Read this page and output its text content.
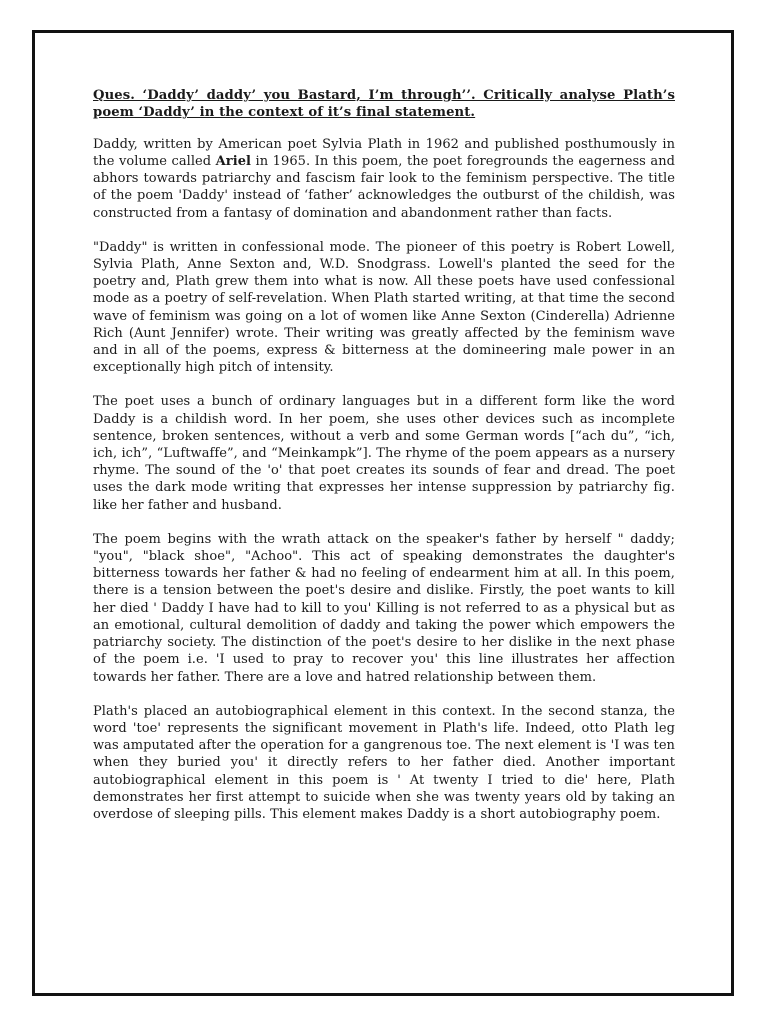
Ques. ‘Daddy’ daddy’ you Bastard, I’m through’’. Critically analyse Plath’s poem ‘Daddy’ in the context of it’s final statement.

Daddy, written by American poet Sylvia Plath in 1962 and published posthumously in the volume called Ariel in 1965. In this poem, the poet foregrounds the eagerness and abhors towards patriarchy and fascism fair look to the feminism perspective. The title of the poem 'Daddy' instead of ‘father’ acknowledges the outburst of the childish, was constructed from a fantasy of domination and abandonment rather than facts.

"Daddy" is written in confessional mode. The pioneer of this poetry is Robert Lowell, Sylvia Plath, Anne Sexton and, W.D. Snodgrass. Lowell's planted the seed for the poetry and, Plath grew them into what is now. All these poets have used confessional mode as a poetry of self-revelation. When Plath started writing, at that time the second wave of feminism was going on a lot of women like Anne Sexton (Cinderella) Adrienne Rich (Aunt Jennifer) wrote. Their writing was greatly affected by the feminism wave and in all of the poems, express & bitterness at the domineering male power in an exceptionally high pitch of intensity.

The poet uses a bunch of ordinary languages but in a different form like the word Daddy is a childish word. In her poem, she uses other devices such as incomplete sentence, broken sentences, without a verb and some German words [“ach du”, “ich, ich, ich”, “Luftwaffe”, and “Meinkampk”]. The rhyme of the poem appears as a nursery rhyme. The sound of the 'o' that poet creates its sounds of fear and dread. The poet uses the dark mode writing that expresses her intense suppression by patriarchy fig. like her father and husband.

The poem begins with the wrath attack on the speaker's father by herself " daddy; "you", "black shoe", "Achoo". This act of speaking demonstrates the daughter's bitterness towards her father & had no feeling of endearment him at all. In this poem, there is a tension between the poet's desire and dislike. Firstly, the poet wants to kill her died ' Daddy I have had to kill to you' Killing is not referred to as a physical but as an emotional, cultural demolition of daddy and taking the power which empowers the patriarchy society. The distinction of the poet's desire to her dislike in the next phase of the poem i.e. 'I used to pray to recover you' this line illustrates her affection towards her father. There are a love and hatred relationship between them.

Plath's placed an autobiographical element in this context. In the second stanza, the word 'toe' represents the significant movement in Plath's life. Indeed, otto Plath leg was amputated after the operation for a gangrenous toe. The next element is 'I was ten when they buried you' it directly refers to her father died. Another important autobiographical element in this poem is ' At twenty I tried to die' here, Plath demonstrates her first attempt to suicide when she was twenty years old by taking an overdose of sleeping pills. This element makes Daddy is a short autobiography poem.
